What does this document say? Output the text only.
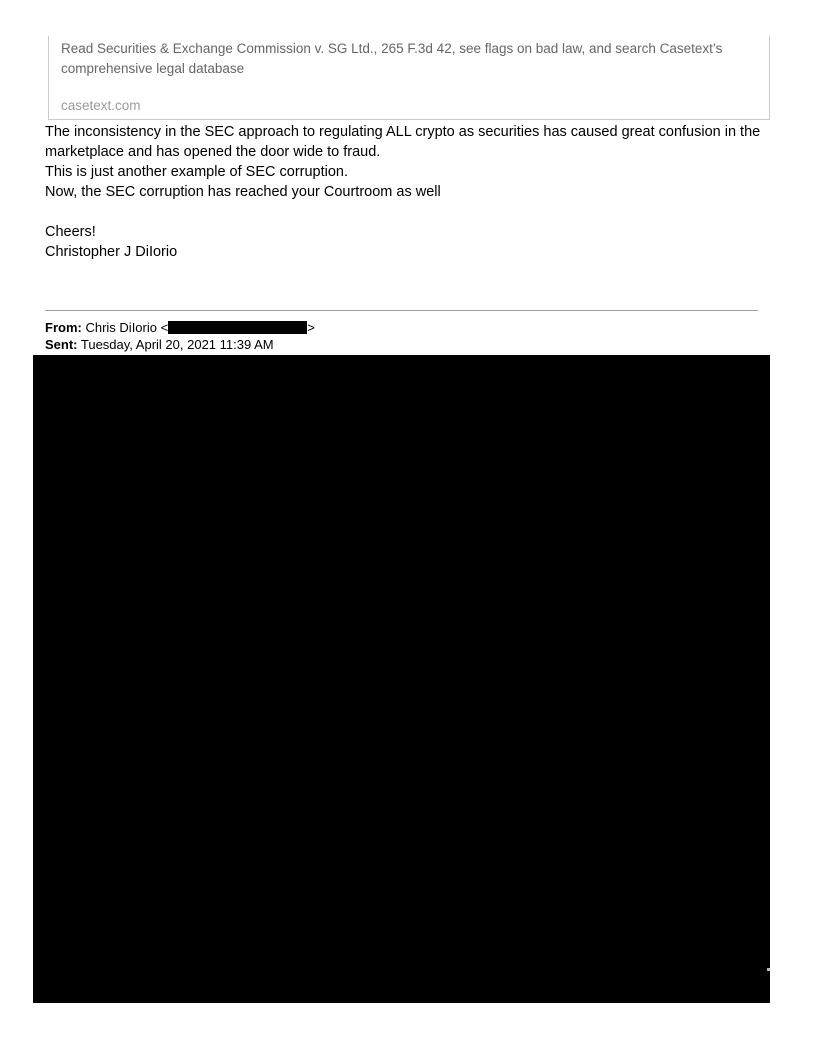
Read Securities & Exchange Commission v. SG Ltd., 265 F.3d 42, see flags on bad law, and search Casetext’s comprehensive legal database

casetext.com

The inconsistency in the SEC approach to regulating ALL crypto as securities has caused great confusion in the marketplace and has opened the door wide to fraud.

This is just another example of SEC corruption.

Now, the SEC corruption has reached your Courtroom as well

Cheers!

Christopher J DiIorio

From: Chris DiIorio <	>

Sent: Tuesday, April 20, 2021 11:39 AM
